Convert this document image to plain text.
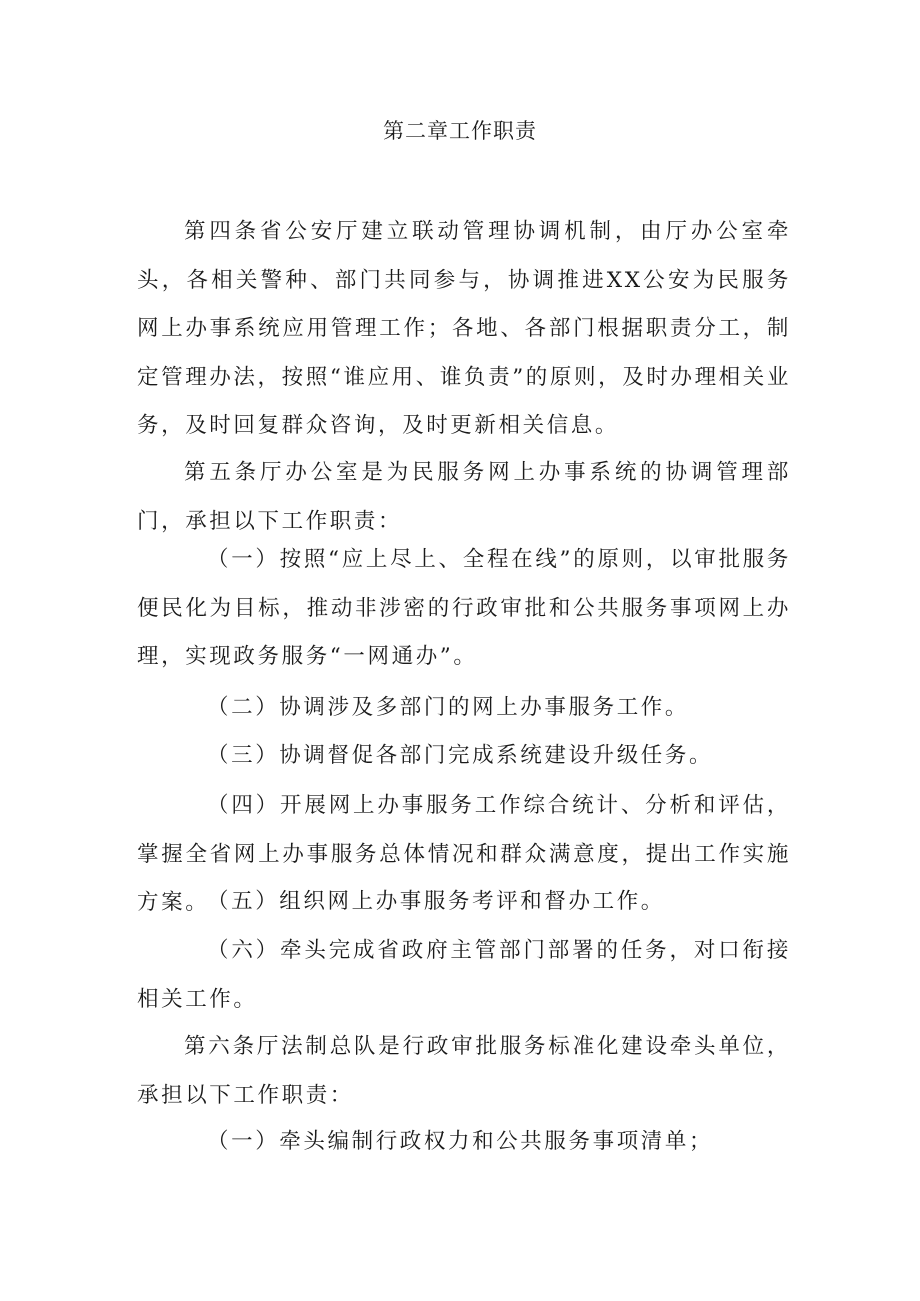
第二章工作职责

第四条省公安厅建立联动管理协调机制，由厅办公室牵头，各相关警种、部门共同参与，协调推进XX公安为民服务网上办事系统应用管理工作；各地、各部门根据职责分工，制定管理办法，按照“谁应用、谁负责”的原则，及时办理相关业务，及时回复群众咨询，及时更新相关信息。

第五条厅办公室是为民服务网上办事系统的协调管理部门，承担以下工作职责：

（一）按照“应上尽上、全程在线”的原则，以审批服务便民化为目标，推动非涉密的行政审批和公共服务事项网上办理，实现政务服务“一网通办”。

（二）协调涉及多部门的网上办事服务工作。

（三）协调督促各部门完成系统建设升级任务。

（四）开展网上办事服务工作综合统计、分析和评估，掌握全省网上办事服务总体情况和群众满意度，提出工作实施方案。

（五）组织网上办事服务考评和督办工作。

（六）牵头完成省政府主管部门部署的任务，对口衔接相关工作。

第六条厅法制总队是行政审批服务标准化建设牵头单位，承担以下工作职责：

（一）牵头编制行政权力和公共服务事项清单；
